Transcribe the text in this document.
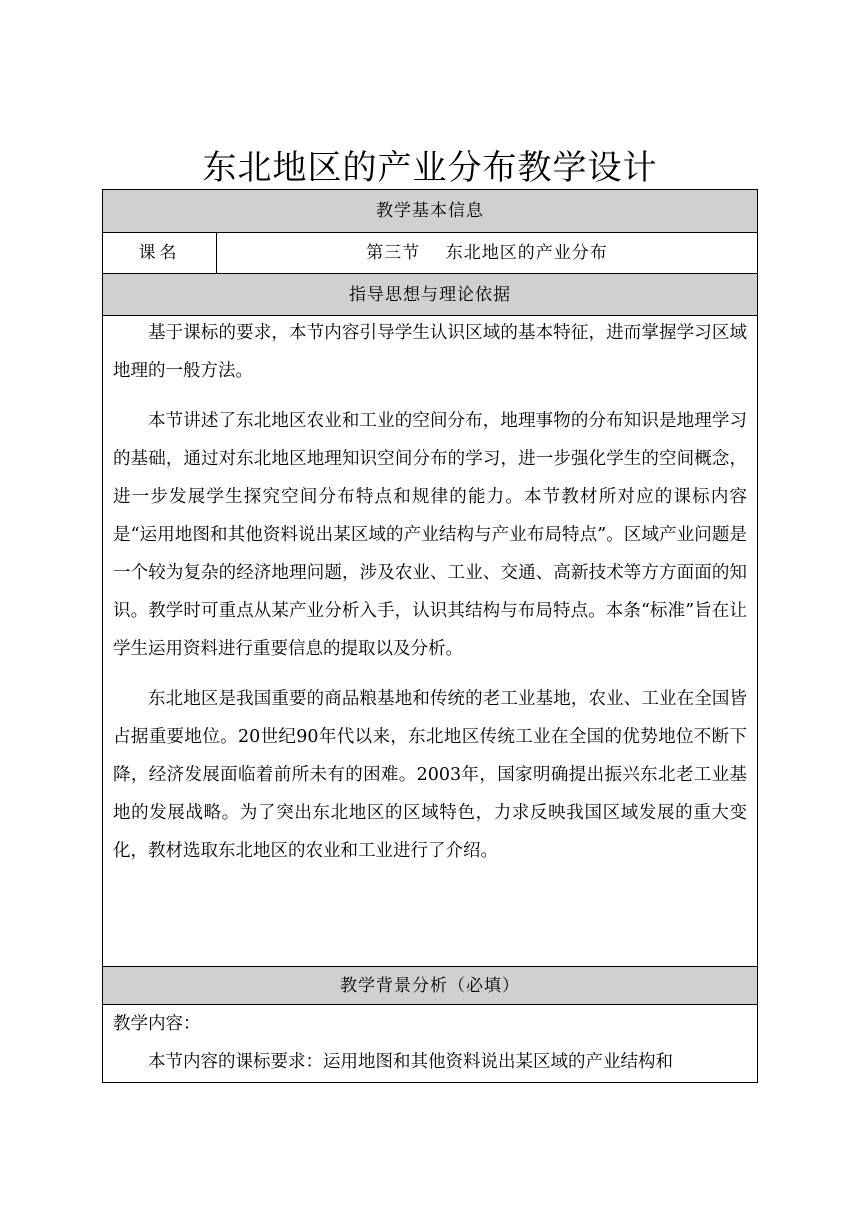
东北地区的产业分布教学设计
教学基本信息
课名	第三节    东北地区的产业分布
指导思想与理论依据

基于课标的要求，本节内容引导学生认识区域的基本特征，进而掌握学习区域地理的一般方法。

本节讲述了东北地区农业和工业的空间分布，地理事物的分布知识是地理学习的基础，通过对东北地区地理知识空间分布的学习，进一步强化学生的空间概念，进一步发展学生探究空间分布特点和规律的能力。本节教材所对应的课标内容是“运用地图和其他资料说出某区域的产业结构与产业布局特点”。区域产业问题是一个较为复杂的经济地理问题，涉及农业、工业、交通、高新技术等方方面面的知识。教学时可重点从某产业分析入手，认识其结构与布局特点。本条“标准”旨在让学生运用资料进行重要信息的提取以及分析。

东北地区是我国重要的商品粮基地和传统的老工业基地，农业、工业在全国皆占据重要地位。20世纪90年代以来，东北地区传统工业在全国的优势地位不断下降，经济发展面临着前所未有的困难。2003年，国家明确提出振兴东北老工业基地的发展战略。为了突出东北地区的区域特色，力求反映我国区域发展的重大变化，教材选取东北地区的农业和工业进行了介绍。

教学背景分析（必填）

教学内容：

本节内容的课标要求：运用地图和其他资料说出某区域的产业结构和
